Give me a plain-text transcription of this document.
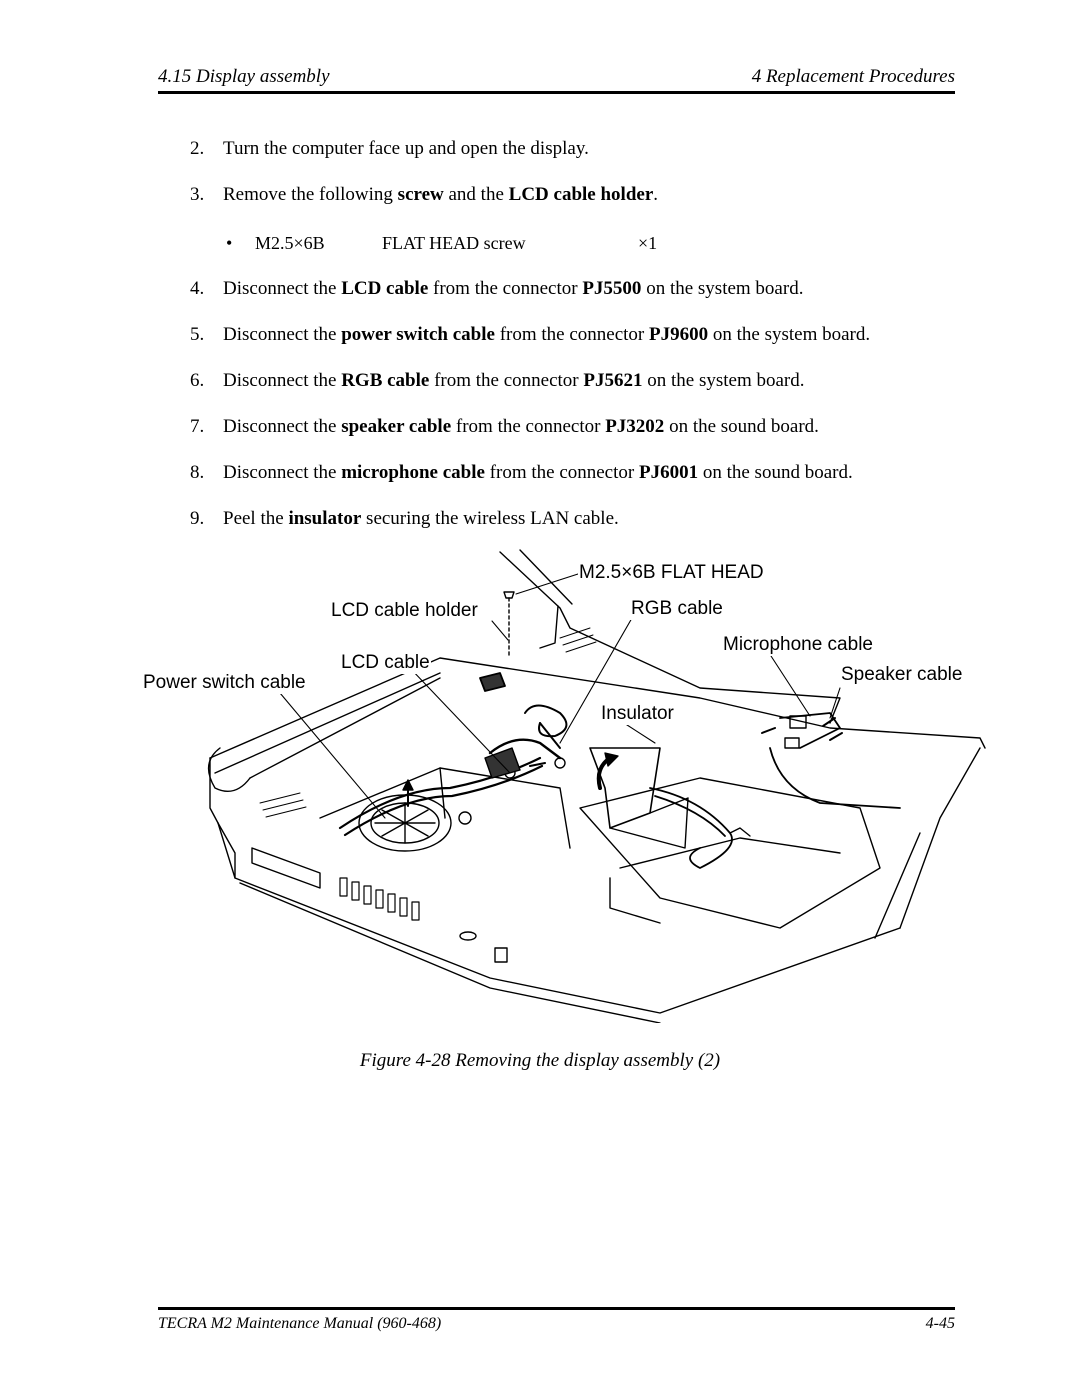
4.15 Display assembly	4 Replacement Procedures
2. Turn the computer face up and open the display.
3. Remove the following screw and the LCD cable holder.
• M2.5×6B	FLAT HEAD screw	×1
4. Disconnect the LCD cable from the connector PJ5500 on the system board.
5. Disconnect the power switch cable from the connector PJ9600 on the system board.
6. Disconnect the RGB cable from the connector PJ5621 on the system board.
7. Disconnect the speaker cable from the connector PJ3202 on the sound board.
8. Disconnect the microphone cable from the connector PJ6001 on the sound board.
9. Peel the insulator securing the wireless LAN cable.
M2.5×6B FLAT HEAD
LCD cable holder	RGB cable
Microphone cable
LCD cable
Speaker cable
Power switch cable
Insulator
Figure 4-28 Removing the display assembly (2)
TECRA M2 Maintenance Manual (960-468)	4-45
